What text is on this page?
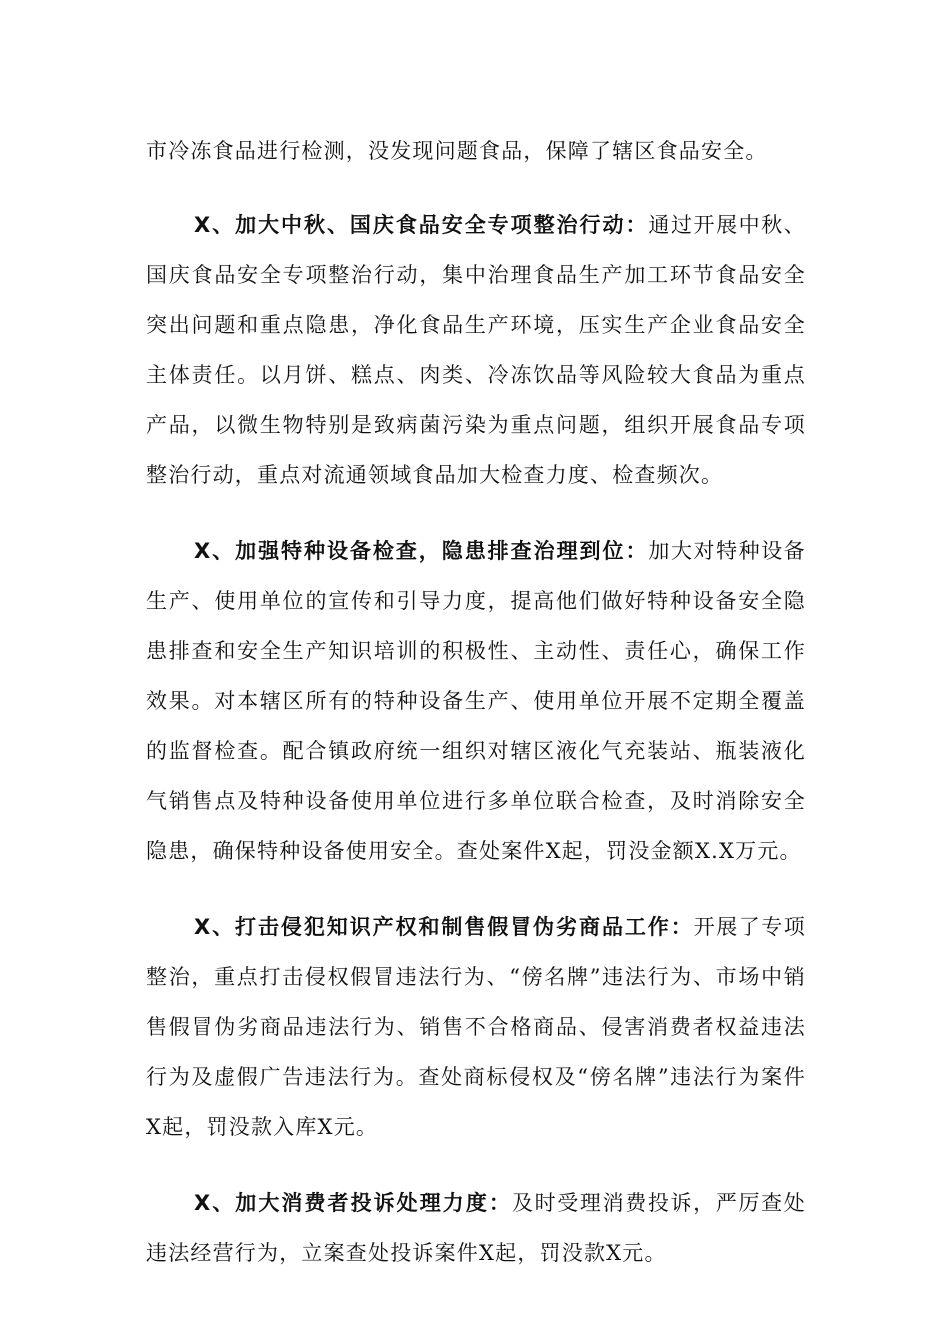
市冷冻食品进行检测，没发现问题食品，保障了辖区食品安全。

X、加大中秋、国庆食品安全专项整治行动：通过开展中秋、国庆食品安全专项整治行动，集中治理食品生产加工环节食品安全突出问题和重点隐患，净化食品生产环境，压实生产企业食品安全主体责任。以月饼、糕点、肉类、冷冻饮品等风险较大食品为重点产品，以微生物特别是致病菌污染为重点问题，组织开展食品专项整治行动，重点对流通领域食品加大检查力度、检查频次。

X、加强特种设备检查，隐患排查治理到位：加大对特种设备生产、使用单位的宣传和引导力度，提高他们做好特种设备安全隐患排查和安全生产知识培训的积极性、主动性、责任心，确保工作效果。对本辖区所有的特种设备生产、使用单位开展不定期全覆盖的监督检查。配合镇政府统一组织对辖区液化气充装站、瓶装液化气销售点及特种设备使用单位进行多单位联合检查，及时消除安全隐患，确保特种设备使用安全。查处案件X起，罚没金额X.X万元。

X、打击侵犯知识产权和制售假冒伪劣商品工作：开展了专项整治，重点打击侵权假冒违法行为、“傍名牌”违法行为、市场中销售假冒伪劣商品违法行为、销售不合格商品、侵害消费者权益违法行为及虚假广告违法行为。查处商标侵权及“傍名牌”违法行为案件X起，罚没款入库X元。

X、加大消费者投诉处理力度：及时受理消费投诉，严厉查处违法经营行为，立案查处投诉案件X起，罚没款X元。
